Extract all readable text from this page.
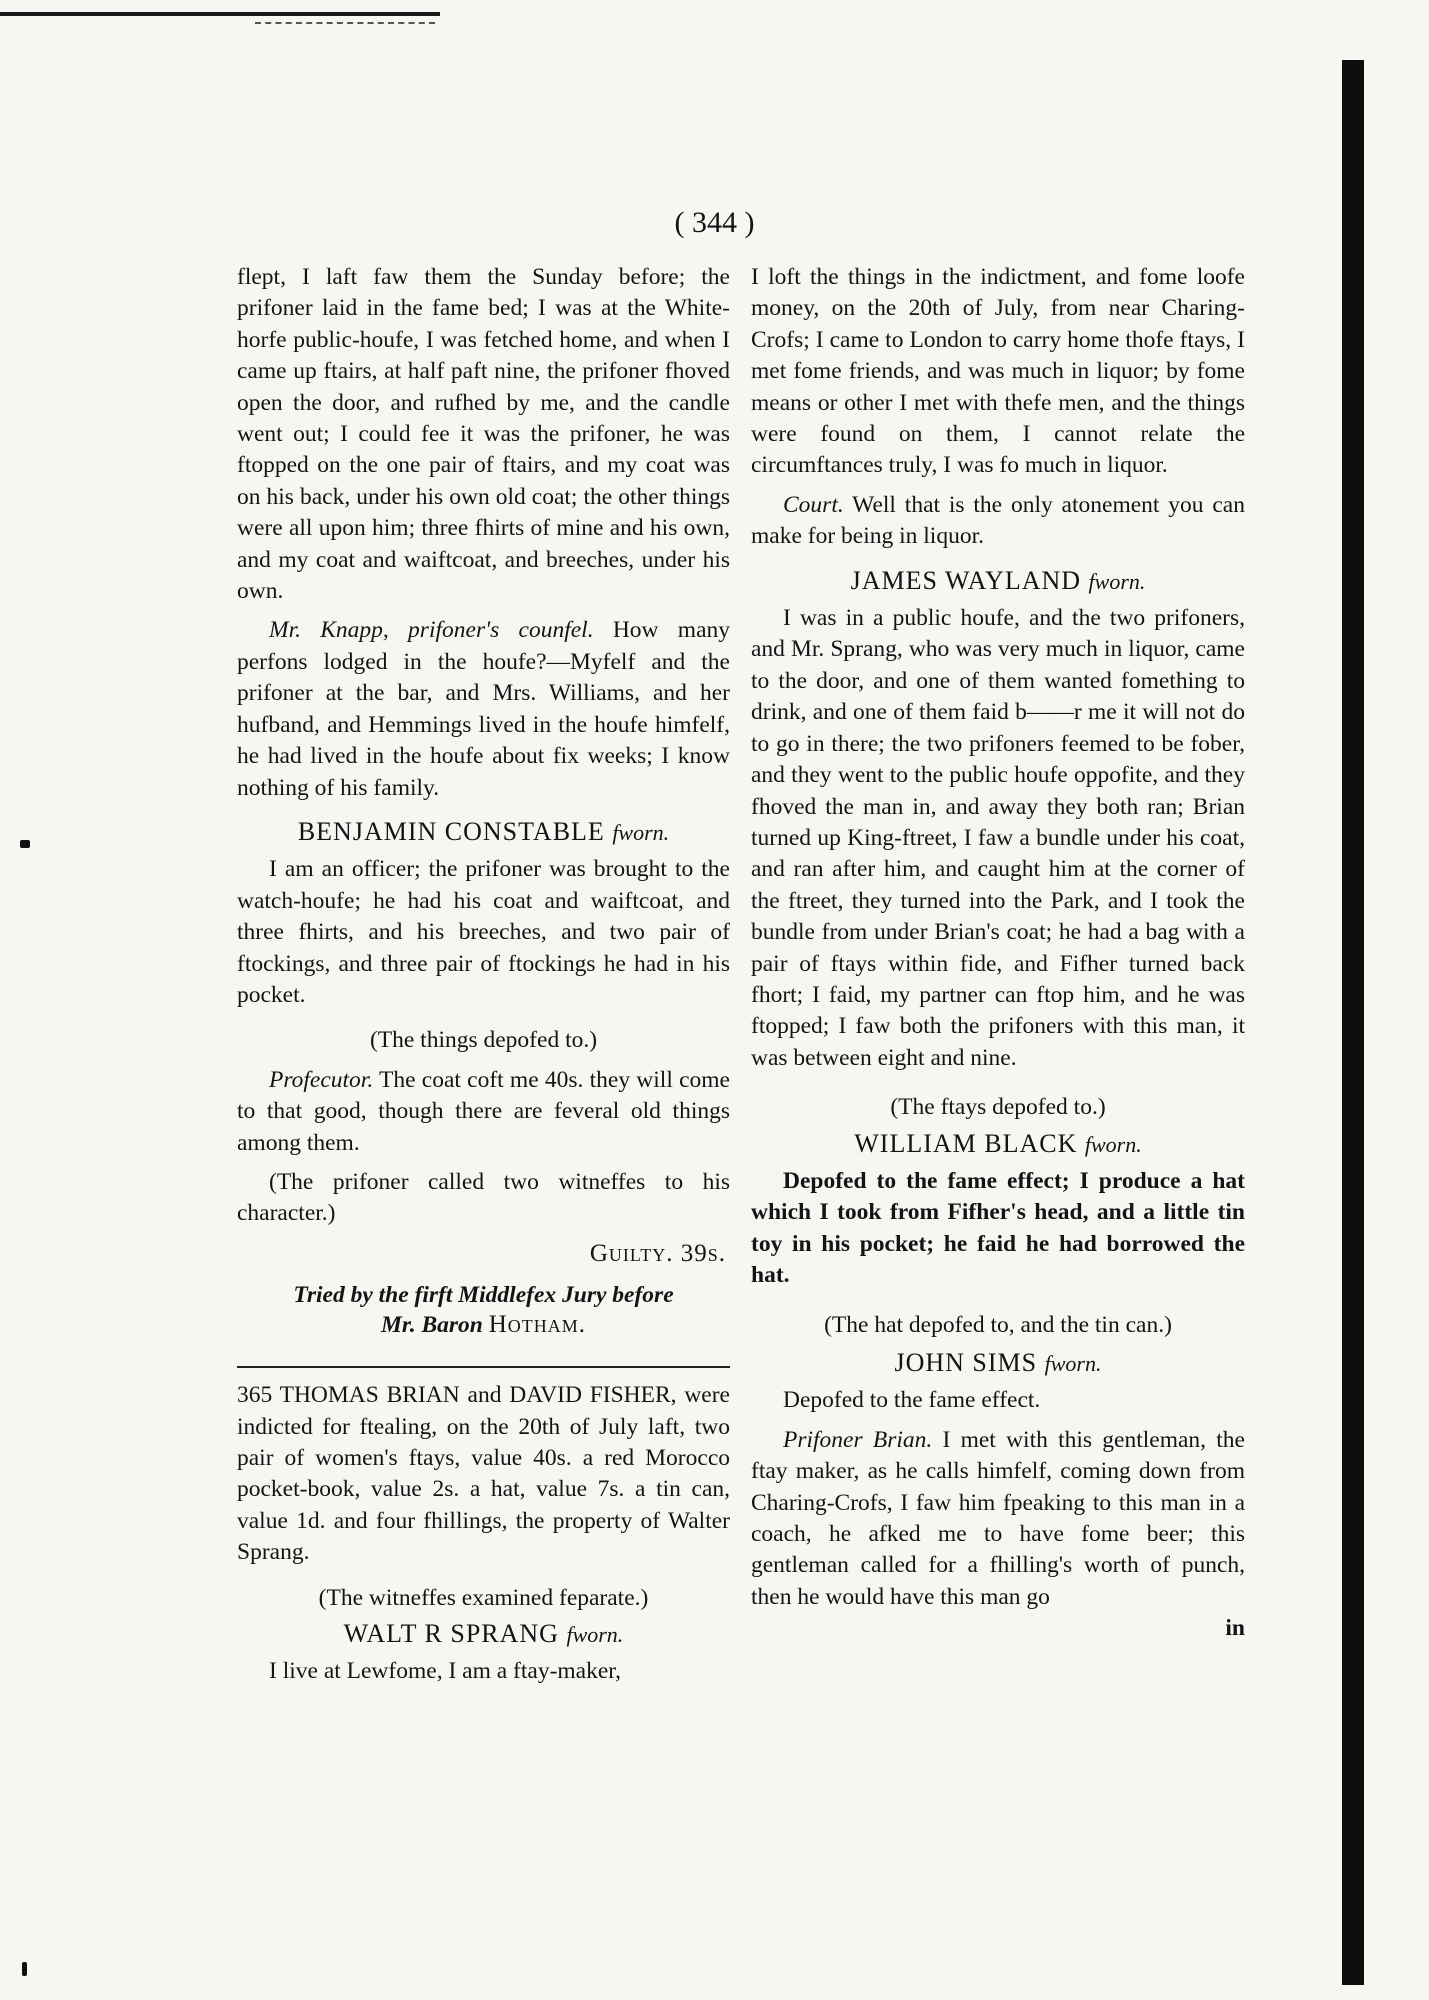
( 344 )

flept, I laft faw them the Sunday before; the prifoner laid in the fame bed; I was at the White-horfe public-houfe, I was fetched home, and when I came up ftairs, at half paft nine, the prifoner fhoved open the door, and rufhed by me, and the candle went out; I could fee it was the prifoner, he was ftopped on the one pair of ftairs, and my coat was on his back, under his own old coat; the other things were all upon him; three fhirts of mine and his own, and my coat and waiftcoat, and breeches, under his own.

Mr. Knapp, prifoner's counfel. How many perfons lodged in the houfe?—Myfelf and the prifoner at the bar, and Mrs. Williams, and her hufband, and Hemmings lived in the houfe himfelf, he had lived in the houfe about fix weeks; I know nothing of his family.

BENJAMIN CONSTABLE fworn.

I am an officer; the prifoner was brought to the watch-houfe; he had his coat and waiftcoat, and three fhirts, and his breeches, and two pair of ftockings, and three pair of ftockings he had in his pocket.

(The things depofed to.)

Profecutor. The coat coft me 40s. they will come to that good, though there are feveral old things among them.

(The prifoner called two witneffes to his character.)

Guilty. 39s.

Tried by the firft Middlefex Jury before
Mr. Baron Hotham.

365 THOMAS BRIAN and DAVID FISHER, were indicted for ftealing, on the 20th of July laft, two pair of women's ftays, value 40s. a red Morocco pocket-book, value 2s. a hat, value 7s. a tin can, value 1d. and four fhillings, the property of Walter Sprang.

(The witneffes examined feparate.)

WALT R SPRANG fworn.

I live at Lewfome, I am a ftay-maker,

I loft the things in the indictment, and fome loofe money, on the 20th of July, from near Charing-Crofs; I came to London to carry home thofe ftays, I met fome friends, and was much in liquor; by fome means or other I met with thefe men, and the things were found on them, I cannot relate the circumftances truly, I was fo much in liquor.

Court. Well that is the only atonement you can make for being in liquor.

JAMES WAYLAND fworn.

I was in a public houfe, and the two prifoners, and Mr. Sprang, who was very much in liquor, came to the door, and one of them wanted fomething to drink, and one of them faid b——r me it will not do to go in there; the two prifoners feemed to be fober, and they went to the public houfe oppofite, and they fhoved the man in, and away they both ran; Brian turned up King-ftreet, I faw a bundle under his coat, and ran after him, and caught him at the corner of the ftreet, they turned into the Park, and I took the bundle from under Brian's coat; he had a bag with a pair of ftays within fide, and Fifher turned back fhort; I faid, my partner can ftop him, and he was ftopped; I faw both the prifoners with this man, it was between eight and nine.

(The ftays depofed to.)

WILLIAM BLACK fworn.

Depofed to the fame effect; I produce a hat which I took from Fifher's head, and a little tin toy in his pocket; he faid he had borrowed the hat.

(The hat depofed to, and the tin can.)

JOHN SIMS fworn.

Depofed to the fame effect.

Prifoner Brian. I met with this gentleman, the ftay maker, as he calls himfelf, coming down from Charing-Crofs, I faw him fpeaking to this man in a coach, he afked me to have fome beer; this gentleman called for a fhilling's worth of punch, then he would have this man go

in
